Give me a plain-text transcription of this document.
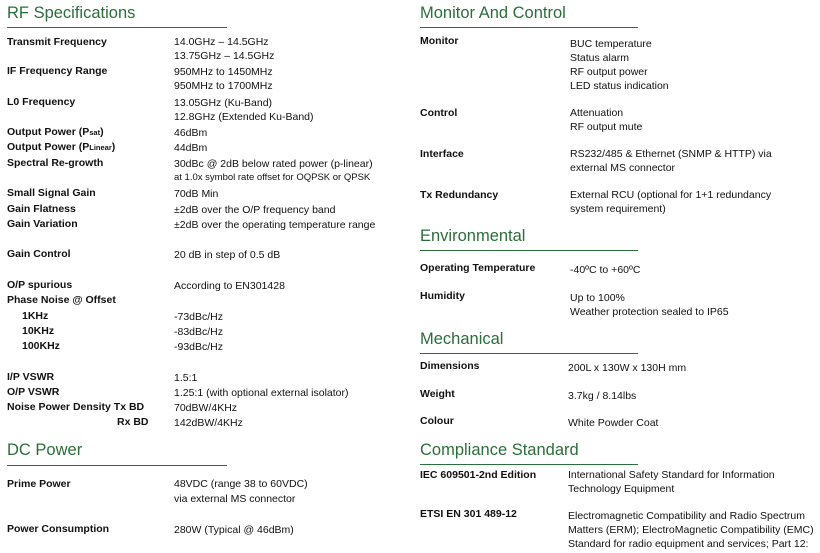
RF Specifications
Transmit Frequency	14.0GHz – 14.5GHz
13.75GHz – 14.5GHz
IF Frequency Range	950MHz to 1450MHz
950MHz to 1700MHz
L0 Frequency	13.05GHz (Ku-Band)
12.8GHz (Extended Ku-Band)
Output Power (Psat)	46dBm
Output Power (PLinear)	44dBm
Spectral Re-growth	30dBc @ 2dB below rated power (p-linear)
at 1.0x symbol rate offset for OQPSK or QPSK
Small Signal Gain	70dB Min
Gain Flatness	±2dB over the O/P frequency band
Gain Variation	±2dB over the operating temperature range
Gain Control	20 dB in step of 0.5 dB
O/P spurious	According to EN301428
Phase Noise @ Offset
1KHz	-73dBc/Hz
10KHz	-83dBc/Hz
100KHz	-93dBc/Hz
I/P VSWR	1.5:1
O/P VSWR	1.25:1 (with optional external isolator)
Noise Power Density Tx BD	70dBW/4KHz
Rx BD 142dBW/4KHz
DC Power
Prime Power	48VDC (range 38 to 60VDC)
via external MS connector
Power Consumption	280W (Typical @ 46dBm)
Monitor And Control
Monitor	BUC temperature
Status alarm
RF output power
LED status indication
Control	Attenuation
RF output mute
Interface	RS232/485 & Ethernet (SNMP & HTTP) via
external MS connector
Tx Redundancy	External RCU (optional for 1+1 redundancy
system requirement)
Environmental
Operating Temperature	-40ºC to +60ºC
Humidity	Up to 100%
Weather protection sealed to IP65
Mechanical
Dimensions	200L x 130W x 130H mm
Weight	3.7kg / 8.14lbs
Colour	White Powder Coat
Compliance Standard
IEC 609501-2nd Edition	International Safety Standard for Information
Technology Equipment
ETSI EN 301 489-12	Electromagnetic Compatibility and Radio Spectrum
Matters (ERM); ElectroMagnetic Compatibility (EMC)
Standard for radio equipment and services; Part 12:
